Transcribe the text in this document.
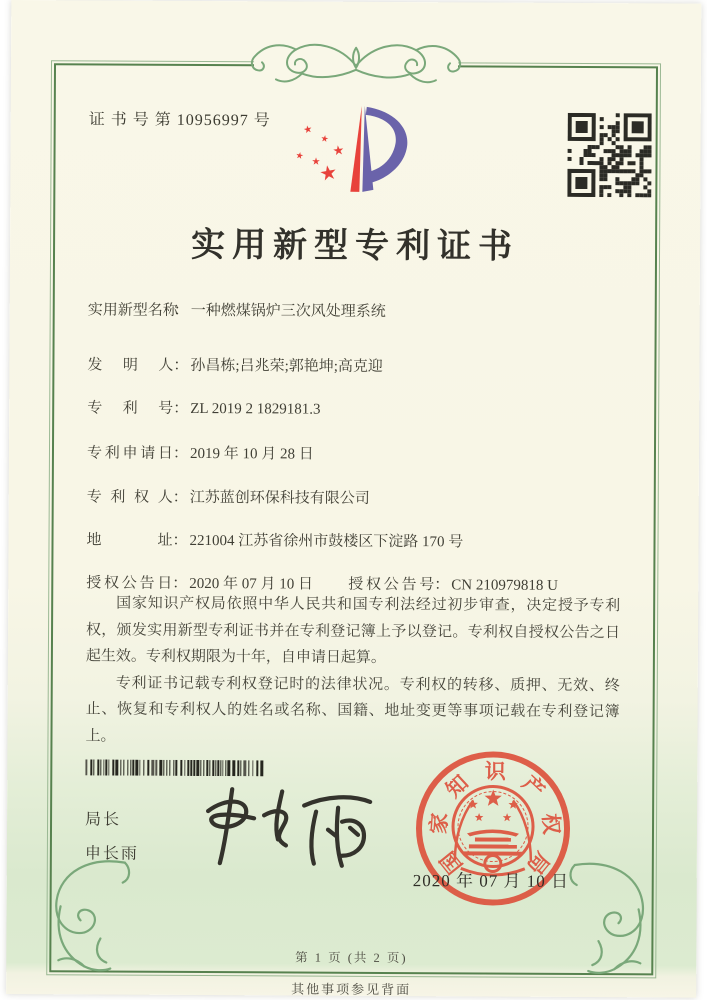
证 书 号 第 10956997 号
★
★
★
★
★
★
实用新型专利证书
实用新型名称： 一种燃煤锅炉三次风处理系统
发明人： 孙昌栋;吕兆荣;郭艳坤;高克迎
专利号： ZL 2019 2 1829181.3
专利申请日： 2019 年 10 月 28 日
专利权人： 江苏蓝创环保科技有限公司
地址： 221004 江苏省徐州市鼓楼区下淀路 170 号
授权公告日： 2020 年 07 月 10 日 授权公告号： CN 210979818 U

国家知识产权局依照中华人民共和国专利法经过初步审查，决定授予专利权，颁发实用新型专利证书并在专利登记簿上予以登记。专利权自授权公告之日起生效。专利权期限为十年，自申请日起算。

专利证书记载专利权登记时的法律状况。专利权的转移、质押、无效、终止、恢复和专利权人的姓名或名称、国籍、地址变更等事项记载在专利登记簿上。

局长
申长雨	国
家
知 识 产
权
局
2020 年 07 月 10 日
第 1 页 (共 2 页)
其他事项参见背面
